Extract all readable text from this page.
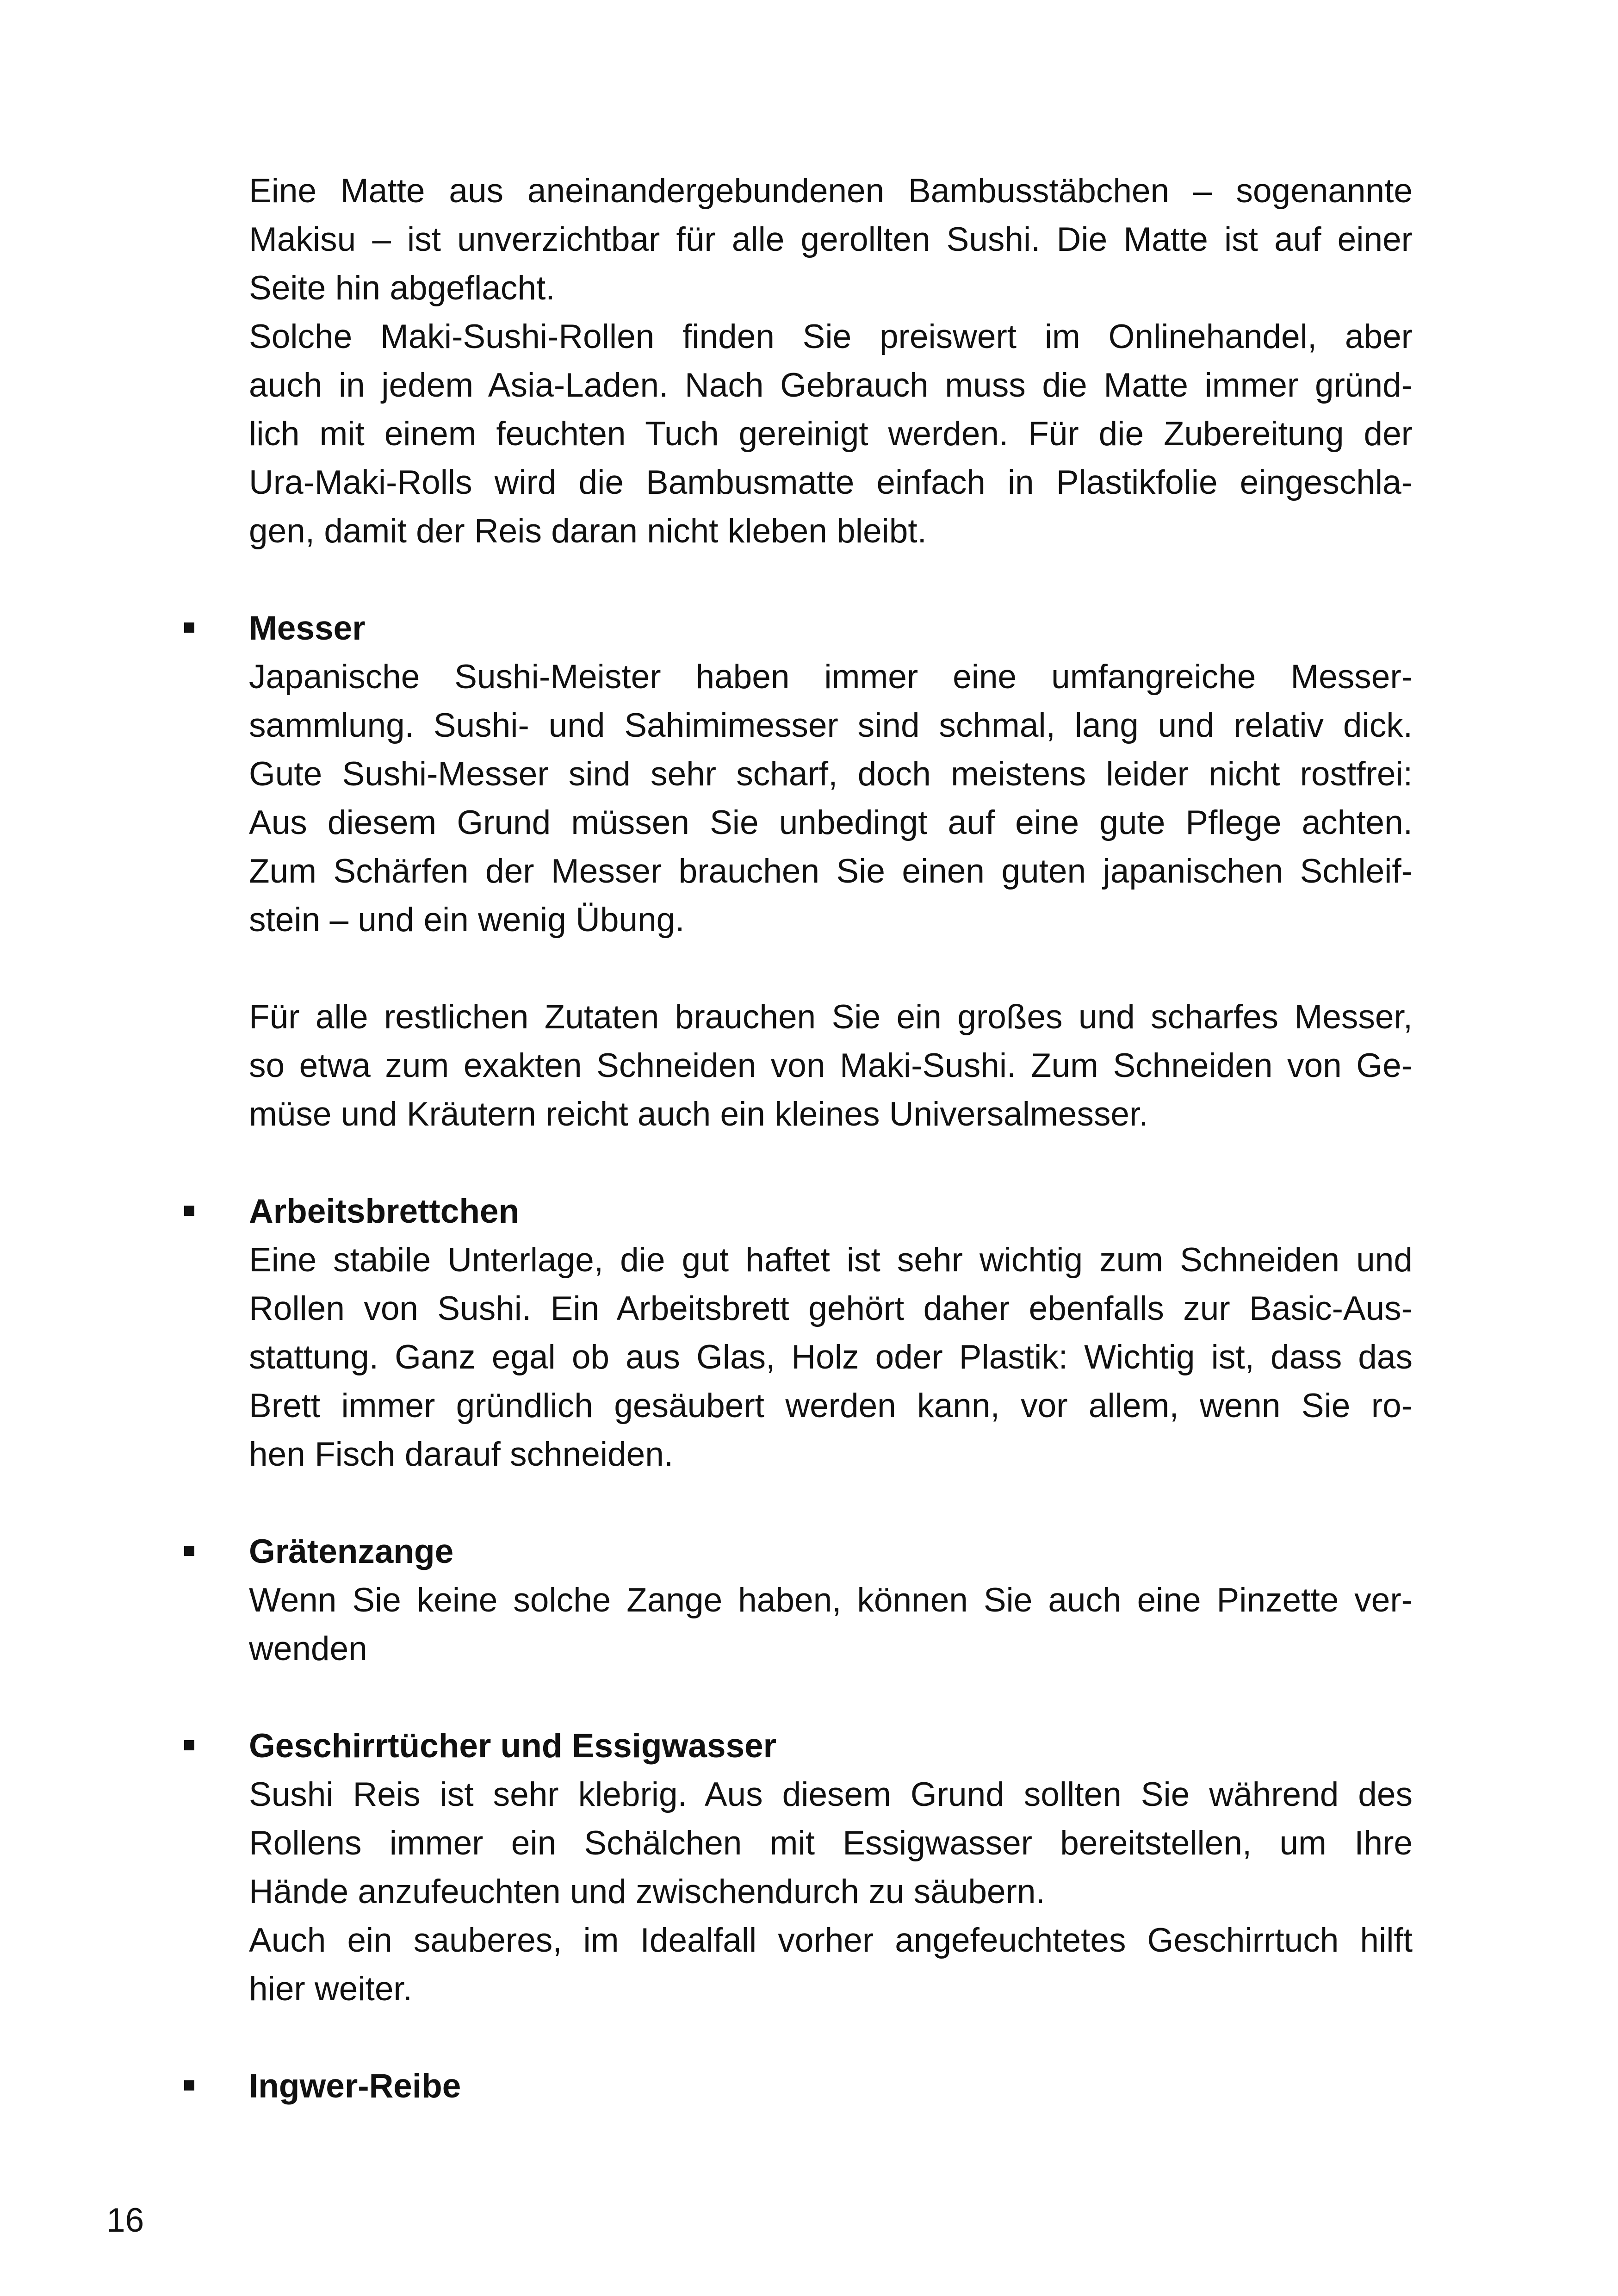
Eine Matte aus aneinandergebundenen Bambusstäbchen – sogenannte
Makisu – ist unverzichtbar für alle gerollten Sushi. Die Matte ist auf einer
Seite hin abgeflacht.
Solche Maki-Sushi-Rollen finden Sie preiswert im Onlinehandel, aber
auch in jedem Asia-Laden. Nach Gebrauch muss die Matte immer gründ-
lich mit einem feuchten Tuch gereinigt werden. Für die Zubereitung der
Ura-Maki-Rolls wird die Bambusmatte einfach in Plastikfolie eingeschla-
gen, damit der Reis daran nicht kleben bleibt.
Messer
Japanische Sushi-Meister haben immer eine umfangreiche Messer-
sammlung. Sushi- und Sahimimesser sind schmal, lang und relativ dick.
Gute Sushi-Messer sind sehr scharf, doch meistens leider nicht rostfrei:
Aus diesem Grund müssen Sie unbedingt auf eine gute Pflege achten.
Zum Schärfen der Messer brauchen Sie einen guten japanischen Schleif-
stein – und ein wenig Übung.
Für alle restlichen Zutaten brauchen Sie ein großes und scharfes Messer,
so etwa zum exakten Schneiden von Maki-Sushi. Zum Schneiden von Ge-
müse und Kräutern reicht auch ein kleines Universalmesser.
Arbeitsbrettchen
Eine stabile Unterlage, die gut haftet ist sehr wichtig zum Schneiden und
Rollen von Sushi. Ein Arbeitsbrett gehört daher ebenfalls zur Basic-Aus-
stattung. Ganz egal ob aus Glas, Holz oder Plastik: Wichtig ist, dass das
Brett immer gründlich gesäubert werden kann, vor allem, wenn Sie ro-
hen Fisch darauf schneiden.
Grätenzange
Wenn Sie keine solche Zange haben, können Sie auch eine Pinzette ver-
wenden
Geschirrtücher und Essigwasser
Sushi Reis ist sehr klebrig. Aus diesem Grund sollten Sie während des
Rollens immer ein Schälchen mit Essigwasser bereitstellen, um Ihre
Hände anzufeuchten und zwischendurch zu säubern.
Auch ein sauberes, im Idealfall vorher angefeuchtetes Geschirrtuch hilft
hier weiter.
Ingwer-Reibe
16
